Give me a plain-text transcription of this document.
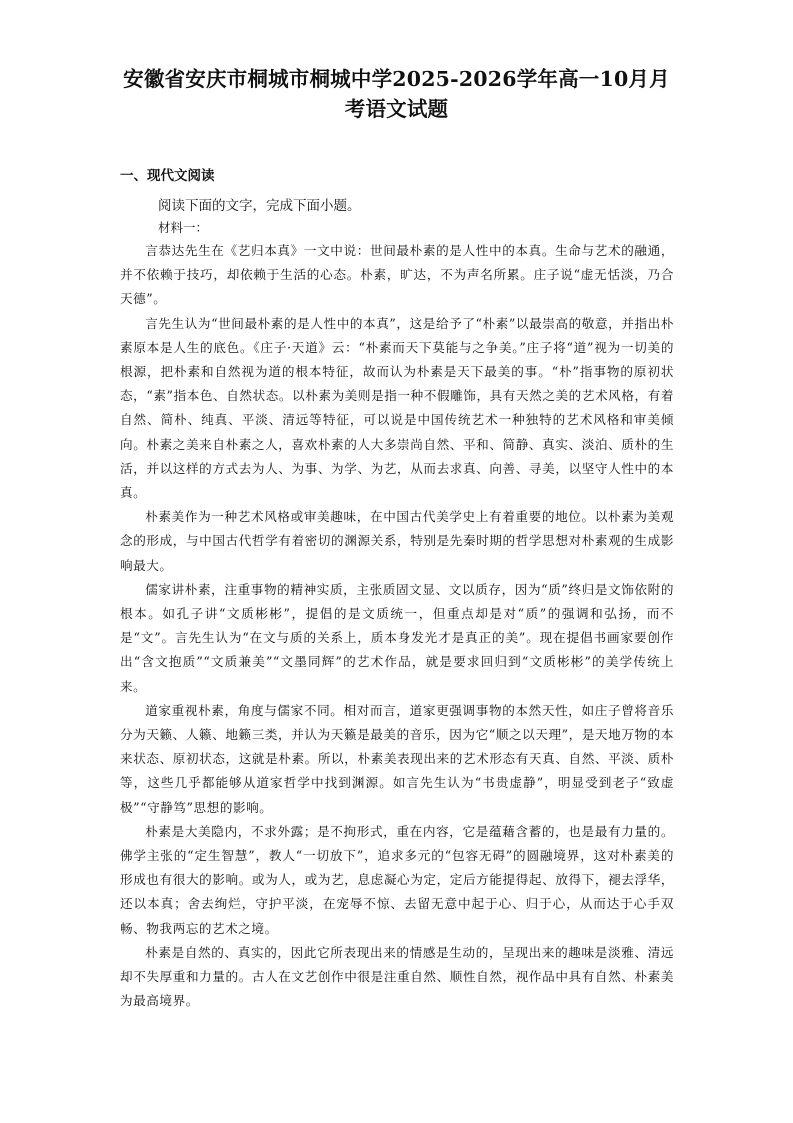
安徽省安庆市桐城市桐城中学2025-2026学年高一10月月
考语文试题
一、现代文阅读
阅读下面的文字，完成下面小题。
材料一：

言恭达先生在《艺归本真》一文中说：世间最朴素的是人性中的本真。生命与艺术的融通，并不依赖于技巧，却依赖于生活的心态。朴素，旷达，不为声名所累。庄子说“虚无恬淡，乃合天德”。

言先生认为“世间最朴素的是人性中的本真”，这是给予了“朴素”以最崇高的敬意，并指出朴素原本是人生的底色。《庄子·天道》云：“朴素而天下莫能与之争美。”庄子将“道”视为一切美的根源，把朴素和自然视为道的根本特征，故而认为朴素是天下最美的事。“朴”指事物的原初状态，“素”指本色、自然状态。以朴素为美则是指一种不假雕饰，具有天然之美的艺术风格，有着自然、简朴、纯真、平淡、清远等特征，可以说是中国传统艺术一种独特的艺术风格和审美倾向。朴素之美来自朴素之人，喜欢朴素的人大多崇尚自然、平和、简静、真实、淡泊、质朴的生活，并以这样的方式去为人、为事、为学、为艺，从而去求真、向善、寻美，以坚守人性中的本真。

朴素美作为一种艺术风格或审美趣味，在中国古代美学史上有着重要的地位。以朴素为美观念的形成，与中国古代哲学有着密切的渊源关系，特别是先秦时期的哲学思想对朴素观的生成影响最大。

儒家讲朴素，注重事物的精神实质，主张质固文显、文以质存，因为“质”终归是文饰依附的根本。如孔子讲“文质彬彬”，提倡的是文质统一，但重点却是对“质”的强调和弘扬，而不是“文”。言先生认为“在文与质的关系上，质本身发光才是真正的美”。现在提倡书画家要创作出“含文抱质”“文质兼美”“文墨同辉”的艺术作品，就是要求回归到“文质彬彬”的美学传统上来。

道家重视朴素，角度与儒家不同。相对而言，道家更强调事物的本然天性，如庄子曾将音乐分为天籁、人籁、地籁三类，并认为天籁是最美的音乐，因为它“顺之以天理”，是天地万物的本来状态、原初状态，这就是朴素。所以，朴素美表现出来的艺术形态有天真、自然、平淡、质朴等，这些几乎都能够从道家哲学中找到渊源。如言先生认为“书贵虚静”，明显受到老子“致虚极”“守静笃”思想的影响。

朴素是大美隐内，不求外露；是不拘形式，重在内容，它是蕴藉含蓄的，也是最有力量的。佛学主张的“定生智慧”，教人“一切放下”，追求多元的“包容无碍”的圆融境界，这对朴素美的形成也有很大的影响。或为人，或为艺，息虑凝心为定，定后方能提得起、放得下，褪去浮华，还以本真；舍去绚烂，守护平淡，在宠辱不惊、去留无意中起于心、归于心，从而达于心手双畅、物我两忘的艺术之境。

朴素是自然的、真实的，因此它所表现出来的情感是生动的，呈现出来的趣味是淡雅、清远却不失厚重和力量的。古人在文艺创作中很是注重自然、顺性自然，视作品中具有自然、朴素美为最高境界。
